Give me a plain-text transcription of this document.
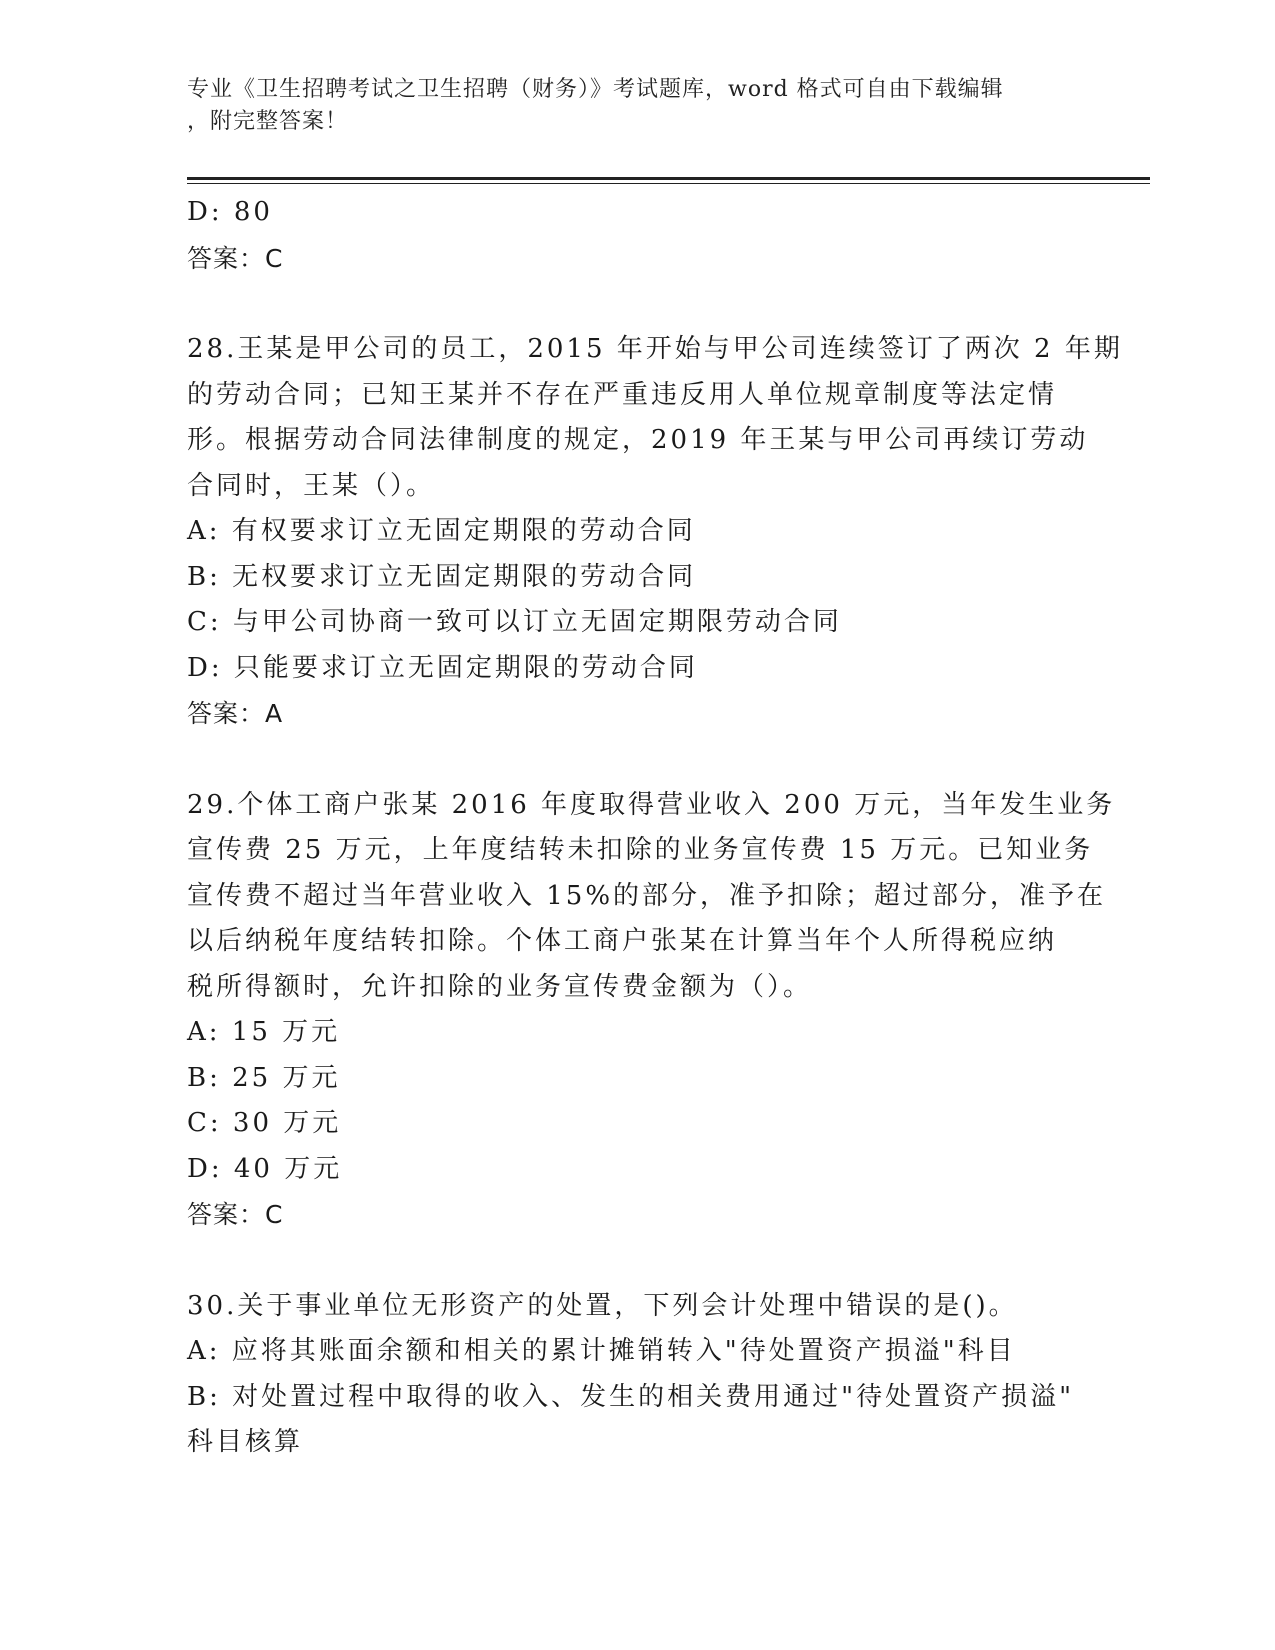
专业《卫生招聘考试之卫生招聘（财务）》考试题库，word 格式可自由下载编辑
，附完整答案！
D: 80
答案：C
28.王某是甲公司的员工，2015 年开始与甲公司连续签订了两次 2 年期
的劳动合同；已知王某并不存在严重违反用人单位规章制度等法定情
形。根据劳动合同法律制度的规定，2019 年王某与甲公司再续订劳动
合同时，王某（）。
A: 有权要求订立无固定期限的劳动合同
B: 无权要求订立无固定期限的劳动合同
C: 与甲公司协商一致可以订立无固定期限劳动合同
D: 只能要求订立无固定期限的劳动合同
答案：A
29.个体工商户张某 2016 年度取得营业收入 200 万元，当年发生业务
宣传费 25 万元，上年度结转未扣除的业务宣传费 15 万元。已知业务
宣传费不超过当年营业收入 15%的部分，准予扣除；超过部分，准予在
以后纳税年度结转扣除。个体工商户张某在计算当年个人所得税应纳
税所得额时，允许扣除的业务宣传费金额为（）。
A: 15 万元
B: 25 万元
C: 30 万元
D: 40 万元
答案：C
30.关于事业单位无形资产的处置，下列会计处理中错误的是()。
A: 应将其账面余额和相关的累计摊销转入"待处置资产损溢"科目
B: 对处置过程中取得的收入、发生的相关费用通过"待处置资产损溢"
科目核算
